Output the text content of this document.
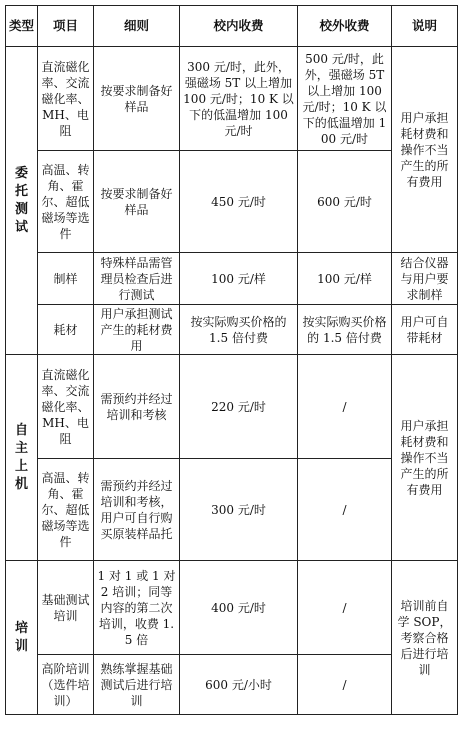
类型	项目	细则	校内收费	校外收费	说明
委托测试	直流磁化率、交流磁化率、MH、电阻	按要求制备好样品	300 元/时，此外，强磁场 5T 以上增加 100 元/时；10 K 以下的低温增加 100 元/时	500 元/时，此外，强磁场 5T 以上增加 100 元/时；10 K 以下的低温增加 100 元/时	用户承担耗材费和操作不当产生的所有费用
	高温、转角、霍尔、超低磁场等选件	按要求制备好样品	450 元/时	600 元/时	
	制样	特殊样品需管理员检查后进行测试	100 元/样	100 元/样	结合仪器与用户要求制样
	耗材	用户承担测试产生的耗材费用	按实际购买价格的 1.5 倍付费	按实际购买价格的 1.5 倍付费	用户可自带耗材
自主上机	直流磁化率、交流磁化率、MH、电阻	需预约并经过培训和考核	220 元/时	/	用户承担耗材费和操作不当产生的所有费用
	高温、转角、霍尔、超低磁场等选件	需预约并经过培训和考核，用户可自行购买原装样品托	300 元/时	/	
培训	基础测试培训	1 对 1 或 1 对 2 培训；同等内容的第二次培训，收费 1.5 倍	400 元/时	/	培训前自学 SOP，考察合格后进行培训
	高阶培训（选件培训）	熟练掌握基础测试后进行培训	600 元/小时	/	
